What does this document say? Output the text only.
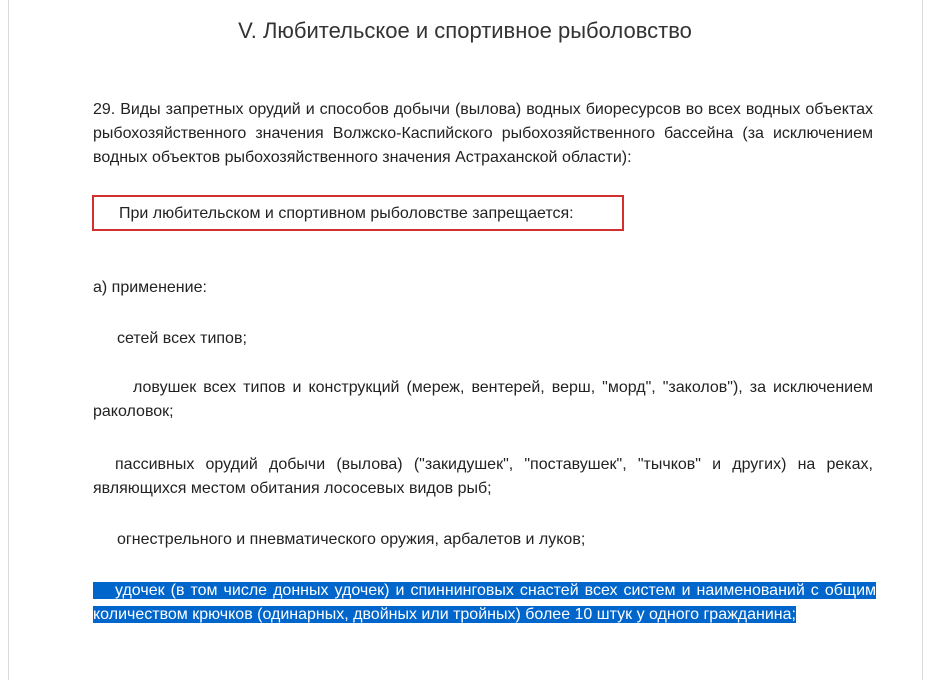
V. Любительское и спортивное рыболовство

29. Виды запретных орудий и способов добычи (вылова) водных биоресурсов во всех водных объектах рыбохозяйственного значения Волжско-Каспийского рыбохозяйственного бассейна (за исключением водных объектов рыбохозяйственного значения Астраханской области):

При любительском и спортивном рыболовстве запрещается:

а) применение:

сетей всех типов;

ловушек всех типов и конструкций (мереж, вентерей, верш, "морд", "заколов"), за исключением раколовок;

пассивных орудий добычи (вылова) ("закидушек", "поставушек", "тычков" и других) на реках, являющихся местом обитания лососевых видов рыб;

огнестрельного и пневматического оружия, арбалетов и луков;

удочек (в том числе донных удочек) и спиннинговых снастей всех систем и наименований с общим количеством крючков (одинарных, двойных или тройных) более 10 штук у одного гражданина;
